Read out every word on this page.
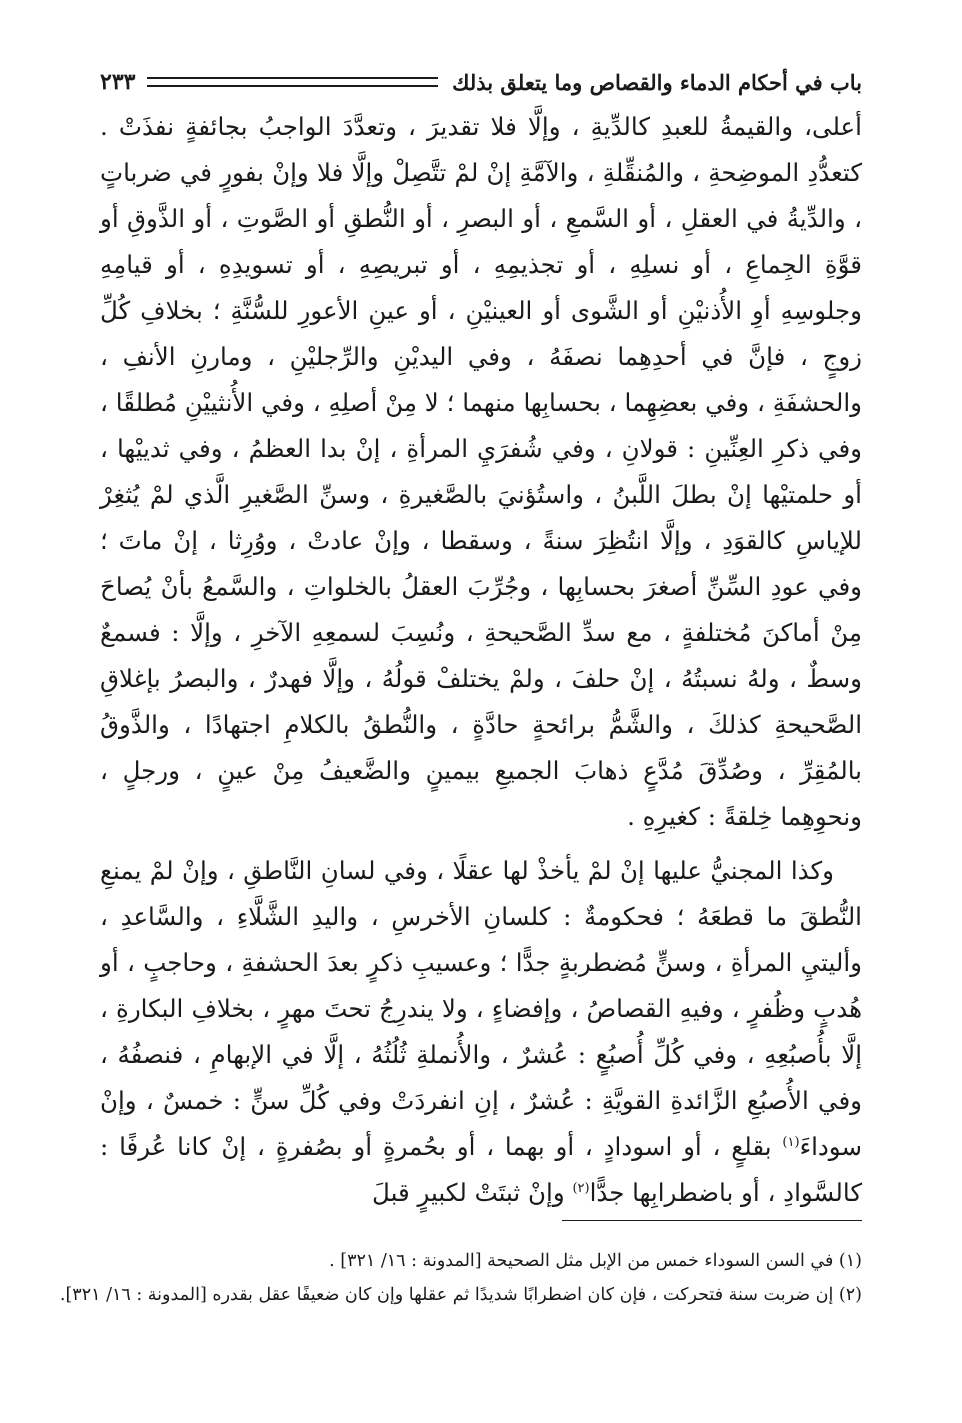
باب في أحكام الدماء والقصاص وما يتعلق بذلك
٢٣٣

أعلى، والقيمةُ للعبدِ كالدِّيةِ ، وإلَّا فلا تقديرَ ، وتعدَّدَ الواجبُ بجائفةٍ نفذَتْ . كتعدُّدِ الموضِحةِ ، والمُنقِّلةِ ، والآمَّةِ إنْ لمْ تتَّصِلْ وإلَّا فلا وإنْ بفورٍ في ضرباتٍ ، والدِّيةُ في العقلِ ، أو السَّمعِ ، أو البصرِ ، أو النُّطقِ أو الصَّوتِ ، أو الذَّوقِ أو قوَّةِ الجِماعِ ، أو نسلِهِ ، أو تجذيمِهِ ، أو تبريصِهِ ، أو تسويدِهِ ، أو قيامِهِ وجلوسِهِ أوِ الأُذنيْنِ أو الشَّوى أو العينيْنِ ، أو عينِ الأعورِ للسُّنَّةِ ؛ بخلافِ كُلِّ زوجٍ ، فإنَّ في أحدِهِما نصفَهُ ، وفي اليديْنِ والرِّجليْنِ ، ومارنِ الأنفِ ، والحشفَةِ ، وفي بعضِهِما ، بحسابِها منهما ؛ لا مِنْ أصلِهِ ، وفي الأُنثييْنِ مُطلقًا ، وفي ذكرِ العِنِّينِ : قولانِ ، وفي شُفرَيِ المرأةِ ، إنْ بدا العظمُ ، وفي ثدييْها ، أو حلمتيْها إنْ بطلَ اللَّبنُ ، واستُؤنيَ بالصَّغيرةِ ، وسنِّ الصَّغيرِ الَّذي لمْ يُثغِرْ للإياسِ كالقوَدِ ، وإلَّا انتُظِرَ سنةً ، وسقطا ، وإنْ عادتْ ، ووُرِثا ، إنْ ماتَ ؛ وفي عودِ السِّنِّ أصغرَ بحسابِها ، وجُرِّبَ العقلُ بالخلواتِ ، والسَّمعُ بأنْ يُصاحَ مِنْ أماكنَ مُختلفةٍ ، مع سدِّ الصَّحيحةِ ، ونُسِبَ لسمعِهِ الآخرِ ، وإلَّا : فسمعٌ وسطٌ ، ولهُ نسبتُهُ ، إنْ حلفَ ، ولمْ يختلفْ قولُهُ ، وإلَّا فهدرٌ ، والبصرُ بإغلاقِ الصَّحيحةِ كذلكَ ، والشَّمُّ برائحةٍ حادَّةٍ ، والنُّطقُ بالكلامِ اجتهادًا ، والذَّوقُ بالمُقِرِّ ، وصُدِّقَ مُدَّعٍ ذهابَ الجميعِ بيمينٍ والضَّعيفُ مِنْ عينٍ ، ورجلٍ ، ونحوِهِما خِلقةً : كغيرِهِ .

وكذا المجنيُّ عليها إنْ لمْ يأخذْ لها عقلًا ، وفي لسانِ النَّاطقِ ، وإنْ لمْ يمنعِ النُّطقَ ما قطعَهُ ؛ فحكومةٌ : كلسانِ الأخرسِ ، واليدِ الشَّلَّاءِ ، والسَّاعدِ ، وأليتيِ المرأةِ ، وسنٍّ مُضطربةٍ جدًّا ؛ وعسيبِ ذكرٍ بعدَ الحشفةِ ، وحاجبٍ ، أو هُدبٍ وظُفرٍ ، وفيهِ القصاصُ ، وإفضاءٍ ، ولا يندرِجُ تحتَ مهرٍ ، بخلافِ البكارةِ ، إلَّا بأُصبُعِهِ ، وفي كُلِّ أُصبُعٍ : عُشرٌ ، والأُنملةِ ثُلُثُهُ ، إلَّا في الإبهامِ ، فنصفُهُ ، وفي الأُصبُعِ الزَّائدةِ القويَّةِ : عُشرٌ ، إنِ انفردَتْ وفي كُلِّ سنٍّ : خمسٌ ، وإنْ سوداءَ$^{(١)}$ بقلعٍ ، أو اسودادٍ ، أو بهما ، أو بحُمرةٍ أو بصُفرةٍ ، إنْ كانا عُرفًا : كالسَّوادِ ، أو باضطرابِها جدًّا$^{(٢)}$ وإنْ ثبتَتْ لكبيرٍ قبلَ

(١) في السن السوداء خمس من الإبل مثل الصحيحة [المدونة : ١٦/ ٣٢١] .
(٢) إن ضربت سنة فتحركت ، فإن كان اضطرابًا شديدًا ثم عقلها وإن كان ضعيفًا عقل بقدره [المدونة : ١٦/ ٣٢١].
